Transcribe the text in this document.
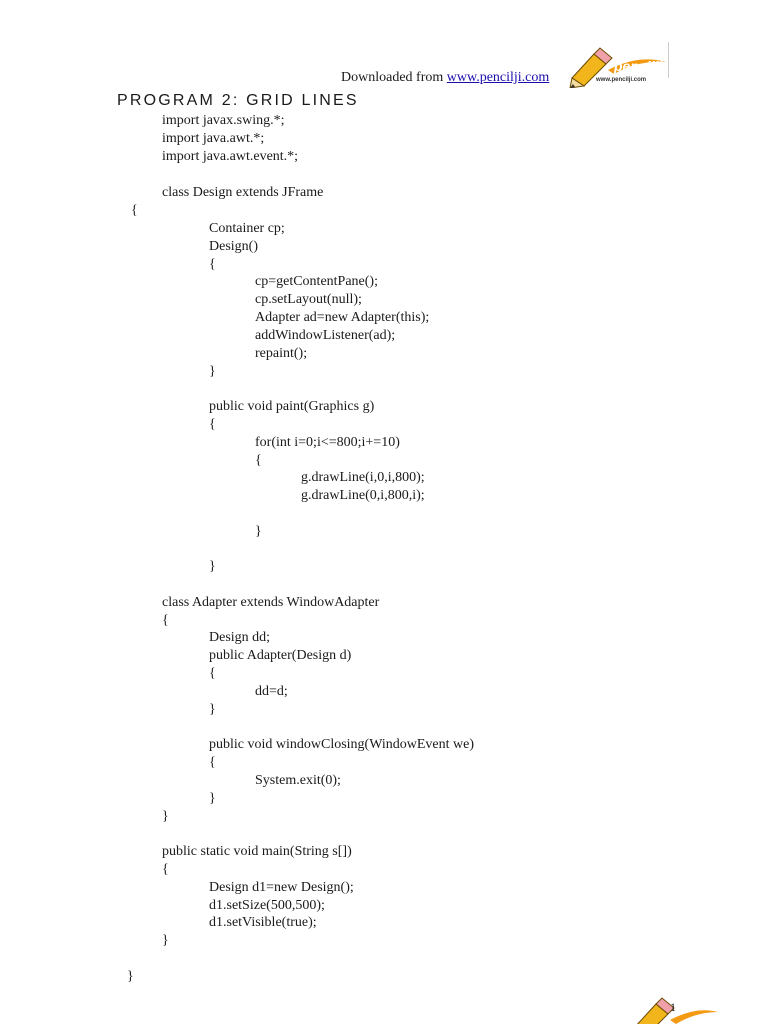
Downloaded from www.pencilji.com
pencilji
www.pencilji.com
PROGRAM 2: GRID LINES
import javax.swing.*;
import java.awt.*;
import java.awt.event.*;
class Design extends JFrame
{
Container cp;
Design()
{
cp=getContentPane();
cp.setLayout(null);
Adapter ad=new Adapter(this);
addWindowListener(ad);
repaint();
}
public void paint(Graphics g)
{
for(int i=0;i<=800;i+=10)
{
g.drawLine(i,0,i,800);
g.drawLine(0,i,800,i);
}
}
class Adapter extends WindowAdapter
{
Design dd;
public Adapter(Design d)
{
dd=d;
}
public void windowClosing(WindowEvent we)
{
System.exit(0);
}
}
public static void main(String s[])
{
Design d1=new Design();
d1.setSize(500,500);
d1.setVisible(true);
}
}
1
